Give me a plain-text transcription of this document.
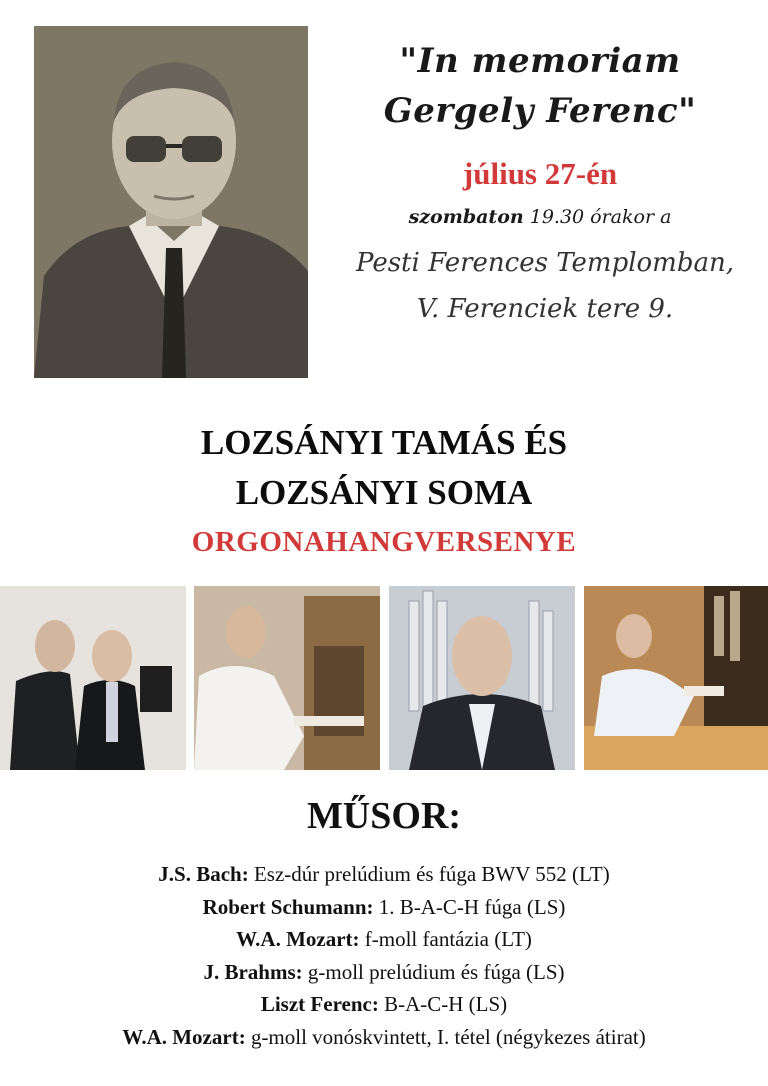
"In memoriam
Gergely Ferenc"
július 27-én
szombaton 19.30 órakor a
Pesti Ferences Templomban,
V. Ferenciek tere 9.
LOZSÁNYI TAMÁS ÉS
LOZSÁNYI SOMA
ORGONAHANGVERSENYE
MŰSOR:
J.S. Bach: Esz-dúr prelúdium és fúga BWV 552 (LT)
Robert Schumann: 1. B-A-C-H fúga (LS)
W.A. Mozart: f-moll fantázia (LT)
J. Brahms: g-moll prelúdium és fúga (LS)
Liszt Ferenc: B-A-C-H (LS)
W.A. Mozart: g-moll vonóskvintett, I. tétel (négykezes átirat)
